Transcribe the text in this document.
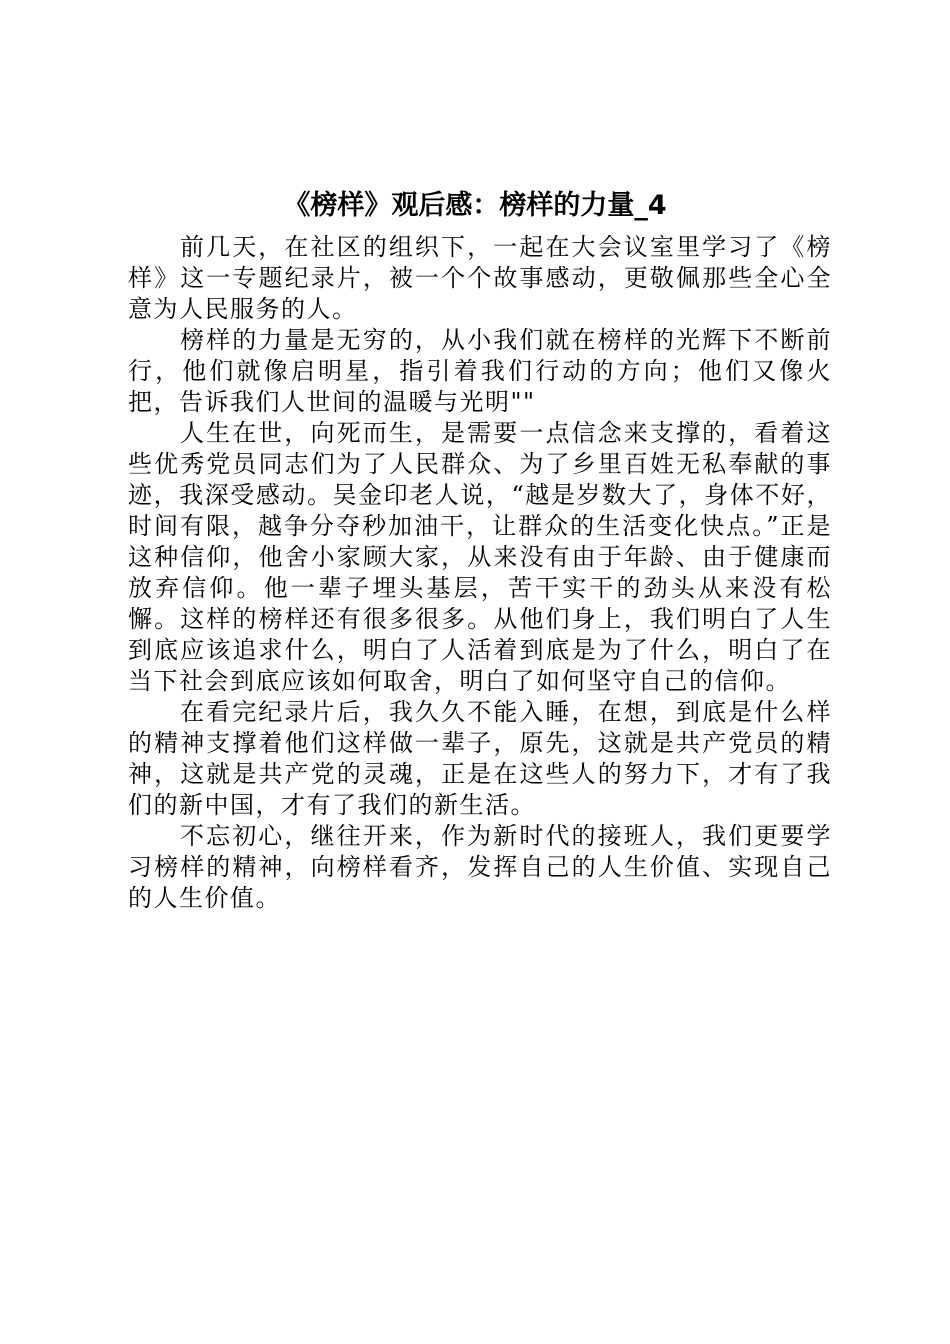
《榜样》观后感：榜样的力量_4

前几天，在社区的组织下，一起在大会议室里学习了《榜样》这一专题纪录片，被一个个故事感动，更敬佩那些全心全意为人民服务的人。

榜样的力量是无穷的，从小我们就在榜样的光辉下不断前行，他们就像启明星，指引着我们行动的方向；他们又像火把，告诉我们人世间的温暖与光明""

人生在世，向死而生，是需要一点信念来支撑的，看着这些优秀党员同志们为了人民群众、为了乡里百姓无私奉献的事迹，我深受感动。吴金印老人说，“越是岁数大了，身体不好，时间有限，越争分夺秒加油干，让群众的生活变化快点。”正是这种信仰，他舍小家顾大家，从来没有由于年龄、由于健康而放弃信仰。他一辈子埋头基层，苦干实干的劲头从来没有松懈。这样的榜样还有很多很多。从他们身上，我们明白了人生到底应该追求什么，明白了人活着到底是为了什么，明白了在当下社会到底应该如何取舍，明白了如何坚守自己的信仰。

在看完纪录片后，我久久不能入睡，在想，到底是什么样的精神支撑着他们这样做一辈子，原先，这就是共产党员的精神，这就是共产党的灵魂，正是在这些人的努力下，才有了我们的新中国，才有了我们的新生活。

不忘初心，继往开来，作为新时代的接班人，我们更要学习榜样的精神，向榜样看齐，发挥自己的人生价值、实现自己的人生价值。
